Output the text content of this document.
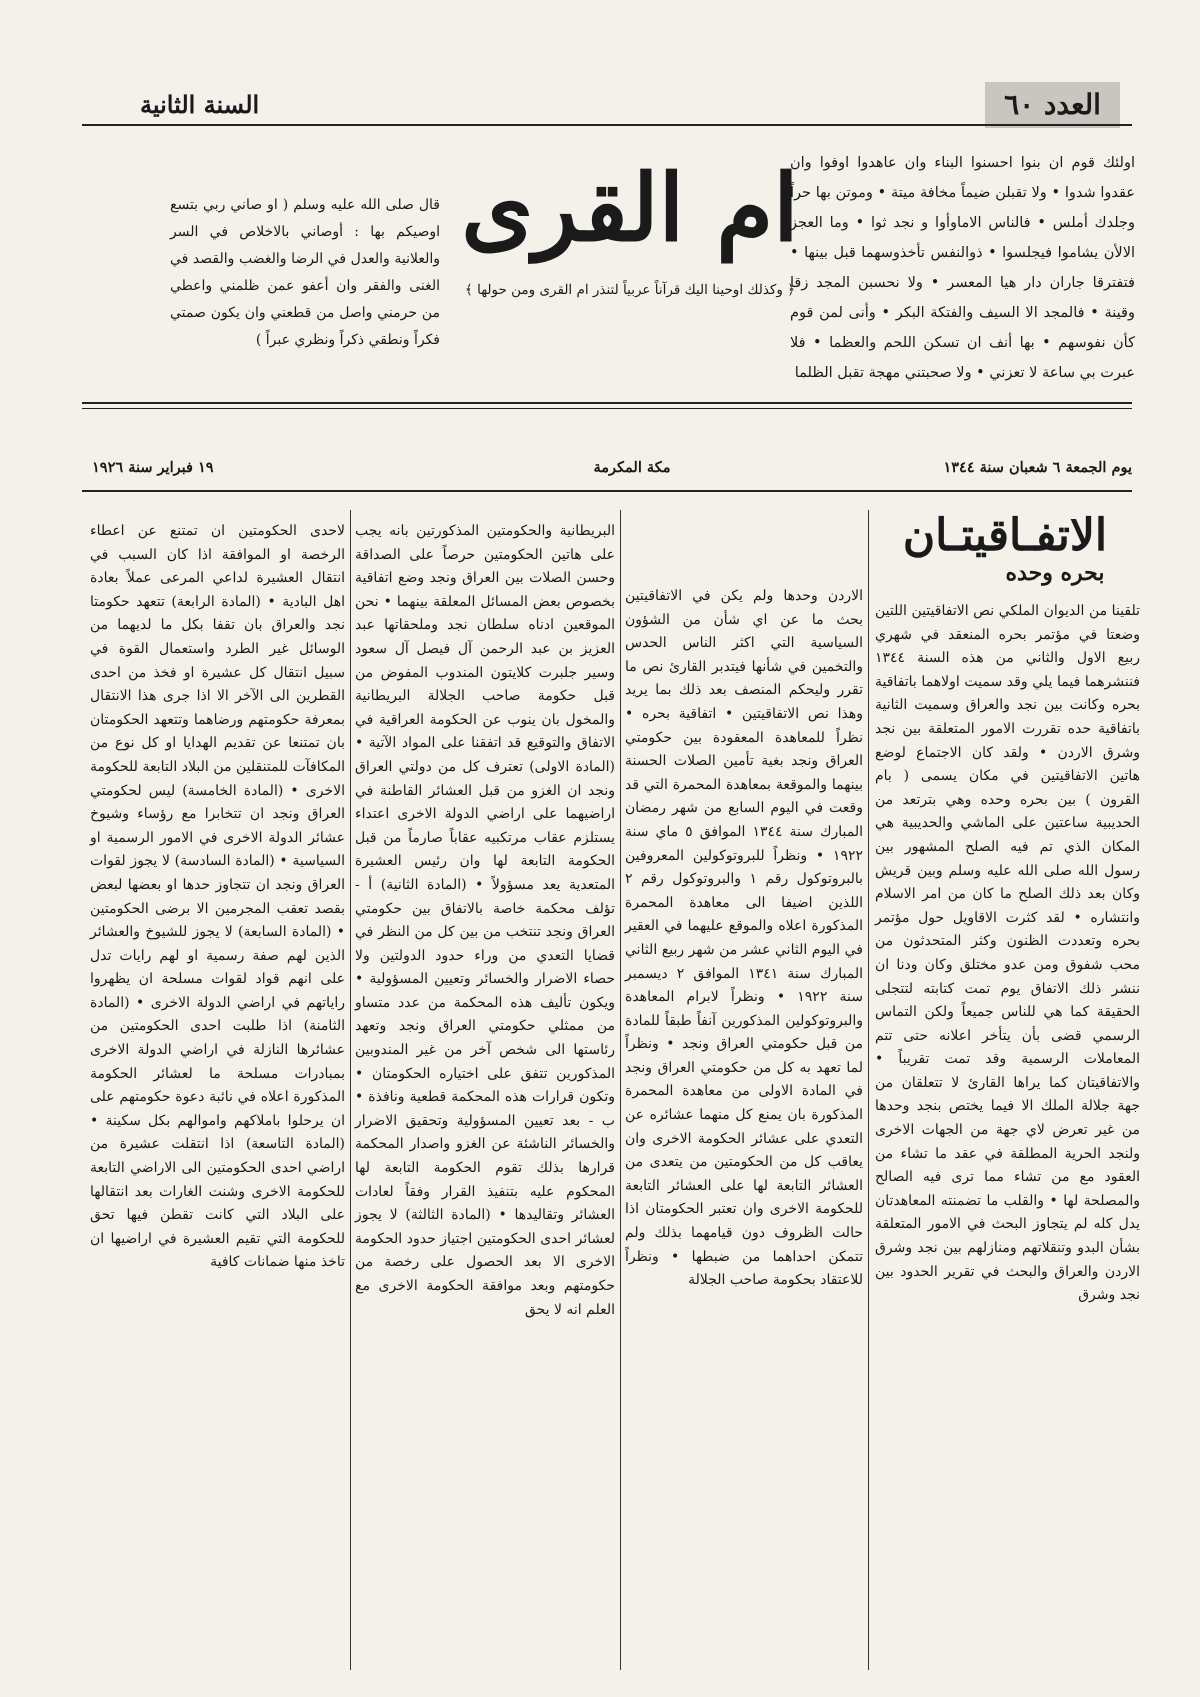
العدد ٦٠
السنة الثانية
اولئك قوم ان بنوا احسنوا البناء وان عاهدوا اوفوا وان عقدوا شدوا • ولا تقبلن ضيماً مخافة ميتة • وموتن بها حراً وجلدك أملس • فالناس الاماوأوا و نجد ثوا • وما العجز الالأن يشاموا فيجلسوا • ذوالنفس تأخذوسهما قبل بينها • فتفترقا جاران دار هيا المعسر • ولا نحسبن المجد زقا وقينة • فالمجد الا السيف والفتكة البكر • وأنى لمن قوم كأن نفوسهم • بها أنف ان تسكن اللحم والعظما • فلا عبرت بي ساعة لا تعزني • ولا صحبتني مهجة تقبل الظلما
ام القرى
﴿ وكذلك اوحينا اليك قرآناً عربياً لتنذر ام القرى ومن حولها ﴾
قال صلى الله عليه وسلم ( او صاني ربي بتسع اوصيكم بها : أوصاني بالاخلاص في السر والعلانية والعدل في الرضا والغضب والقصد في الغنى والفقر وان أعفو عمن ظلمني واعطي من حرمني واصل من قطعني وان يكون صمتي فكراً ونطقي ذكراً ونظري عبراً )
يوم الجمعة ٦ شعبان سنة ١٣٤٤
مكة المكرمة
١٩ فبراير سنة ١٩٢٦
الاتفـاقيتـان
بحره وحده

تلقينا من الديوان الملكي نص الاتفاقيتين اللتين وضعتا في مؤتمر بحره المنعقد في شهري ربيع الاول والثاني من هذه السنة ١٣٤٤ فننشرهما فيما يلي وقد سميت اولاهما باتفاقية بحره وكانت بين نجد والعراق وسميت الثانية باتفاقية حده تقررت الامور المتعلقة بين نجد وشرق الاردن • ولقد كان الاجتماع لوضع هاتين الاتفاقيتين في مكان يسمى ( بام القرون ) بين بحره وحده وهي بترتعد من الحديبية ساعتين على الماشي والحديبية هي المكان الذي تم فيه الصلح المشهور بين رسول الله صلى الله عليه وسلم وبين قريش وكان بعد ذلك الصلح ما كان من امر الاسلام وانتشاره • لقد كثرت الاقاويل حول مؤتمر بحره وتعددت الظنون وكثر المتحدثون من محب شفوق ومن عدو مختلق وكان ودنا ان ننشر ذلك الاتفاق يوم تمت كتابته لتتجلى الحقيقة كما هي للناس جميعاً ولكن التماس الرسمي قضى بأن يتأخر اعلانه حتى تتم المعاملات الرسمية وقد تمت تقريباً • والاتفاقيتان كما يراها القارئ لا تتعلقان من جهة جلالة الملك الا فيما يختص بنجد وحدها من غير تعرض لاي جهة من الجهات الاخرى ولنجد الحرية المطلقة في عقد ما تشاء من العقود مع من تشاء مما ترى فيه الصالح والمصلحة لها • والقلب ما تضمنته المعاهدتان يدل كله لم يتجاوز البحث في الامور المتعلقة بشأن البدو وتنقلاتهم ومنازلهم بين نجد وشرق الاردن والعراق والبحث في تقرير الحدود بين نجد وشرق

الاردن وحدها ولم يكن في الاتفاقيتين بحث ما عن اي شأن من الشؤون السياسية التي اكثر الناس الحدس والتخمين في شأنها فيتدبر القارئ نص ما تقرر وليحكم المنصف بعد ذلك بما يريد وهذا نص الاتفاقيتين • اتفاقية بحره • نظراً للمعاهدة المعقودة بين حكومتي العراق ونجد بغية تأمين الصلات الحسنة بينهما والموقعة بمعاهدة المحمرة التي قد وقعت في اليوم السابع من شهر رمضان المبارك سنة ١٣٤٤ الموافق ٥ ماي سنة ١٩٢٢ • ونظراً للبروتوكولين المعروفين بالبروتوكول رقم ١ والبروتوكول رقم ٢ اللذين اضيفا الى معاهدة المحمرة المذكورة اعلاه والموقع عليهما في العقير في اليوم الثاني عشر من شهر ربيع الثاني المبارك سنة ١٣٤١ الموافق ٢ ديسمبر سنة ١٩٢٢ • ونظراً لابرام المعاهدة والبروتوكولين المذكورين آنفاً طبقاً للمادة من قبل حكومتي العراق ونجد • ونظراً لما تعهد به كل من حكومتي العراق ونجد في المادة الاولى من معاهدة المحمرة المذكورة بان يمنع كل منهما عشائره عن التعدي على عشائر الحكومة الاخرى وان يعاقب كل من الحكومتين من يتعدى من العشائر التابعة لها على العشائر التابعة للحكومة الاخرى وان تعتبر الحكومتان اذا حالت الظروف دون قيامهما بذلك ولم تتمكن احداهما من ضبطها • ونظراً للاعتقاد بحكومة صاحب الجلالة

البريطانية والحكومتين المذكورتين بانه يجب على هاتين الحكومتين حرصاً على الصداقة وحسن الصلات بين العراق ونجد وضع اتفاقية بخصوص بعض المسائل المعلقة بينهما • نحن الموقعين ادناه سلطان نجد وملحقاتها عبد العزيز بن عبد الرحمن آل فيصل آل سعود وسير جلبرت كلايتون المندوب المفوض من قبل حكومة صاحب الجلالة البريطانية والمخول بان ينوب عن الحكومة العراقية في الاتفاق والتوقيع قد اتفقنا على المواد الآتية • (المادة الاولى) تعترف كل من دولتي العراق ونجد ان الغزو من قبل العشائر القاطنة في اراضيهما على اراضي الدولة الاخرى اعتداء يستلزم عقاب مرتكبيه عقاباً صارماً من قبل الحكومة التابعة لها وان رئيس العشيرة المتعدية يعد مسؤولاً • (المادة الثانية) أ - تؤلف محكمة خاصة بالاتفاق بين حكومتي العراق ونجد تنتخب من بين كل من النظر في قضايا التعدي من وراء حدود الدولتين ولا حصاء الاضرار والخسائر وتعيين المسؤولية • ويكون تأليف هذه المحكمة من عدد متساو من ممثلي حكومتي العراق ونجد وتعهد رئاستها الى شخص آخر من غير المندوبين المذكورين تتفق على اختياره الحكومتان • وتكون قرارات هذه المحكمة قطعية ونافذة • ب - بعد تعيين المسؤولية وتحقيق الاضرار والخسائر الناشئة عن الغزو واصدار المحكمة قرارها بذلك تقوم الحكومة التابعة لها المحكوم عليه بتنفيذ القرار وفقاً لعادات العشائر وتقاليدها • (المادة الثالثة) لا يجوز لعشائر احدى الحكومتين اجتياز حدود الحكومة الاخرى الا بعد الحصول على رخصة من حكومتهم وبعد موافقة الحكومة الاخرى مع العلم انه لا يحق

لاحدى الحكومتين ان تمتنع عن اعطاء الرخصة او الموافقة اذا كان السبب في انتقال العشيرة لداعي المرعى عملاً بعادة اهل البادية • (المادة الرابعة) تتعهد حكومتا نجد والعراق بان تقفا بكل ما لديهما من الوسائل غير الطرد واستعمال القوة في سبيل انتقال كل عشيرة او فخذ من احدى القطرين الى الآخر الا اذا جرى هذا الانتقال بمعرفة حكومتهم ورضاهما وتتعهد الحكومتان بان تمتنعا عن تقديم الهدايا او كل نوع من المكافآت للمتنقلين من البلاد التابعة للحكومة الاخرى • (المادة الخامسة) ليس لحكومتي العراق ونجد ان تتخابرا مع رؤساء وشيوخ عشائر الدولة الاخرى في الامور الرسمية او السياسية • (المادة السادسة) لا يجوز لقوات العراق ونجد ان تتجاوز حدها او بعضها لبعض بقصد تعقب المجرمين الا برضى الحكومتين • (المادة السابعة) لا يجوز للشيوخ والعشائر الذين لهم صفة رسمية او لهم رايات تدل على انهم قواد لقوات مسلحة ان يظهروا راياتهم في اراضي الدولة الاخرى • (المادة الثامنة) اذا طلبت احدى الحكومتين من عشائرها النازلة في اراضي الدولة الاخرى بمبادرات مسلحة ما لعشائر الحكومة المذكورة اعلاه في نائبة دعوة حكومتهم على ان يرحلوا باملاكهم واموالهم بكل سكينة • (المادة التاسعة) اذا انتقلت عشيرة من اراضي احدى الحكومتين الى الاراضي التابعة للحكومة الاخرى وشنت الغارات بعد انتقالها على البلاد التي كانت تقطن فيها تحق للحكومة التي تقيم العشيرة في اراضيها ان تاخذ منها ضمانات كافية
